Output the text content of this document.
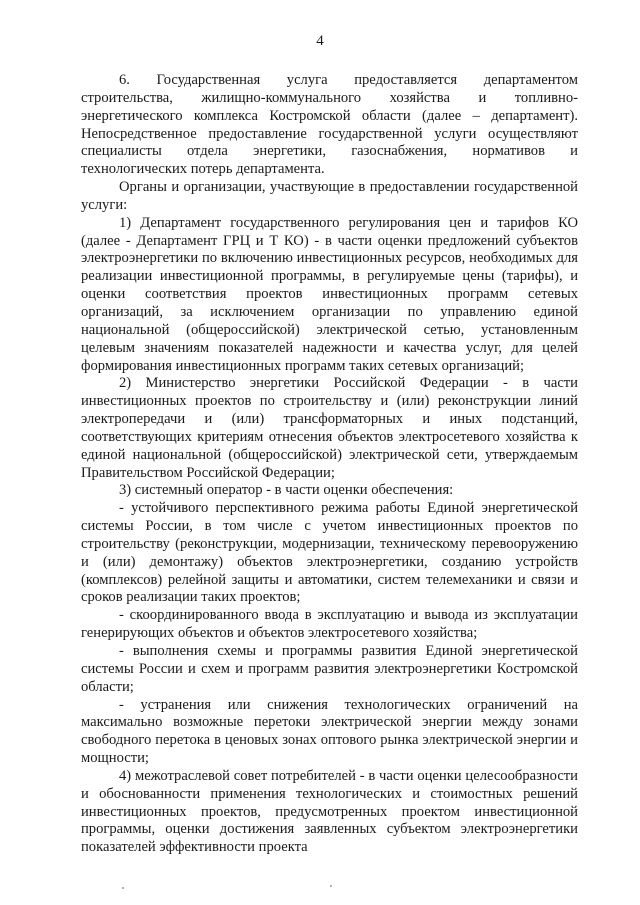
4

6. Государственная услуга предоставляется департаментом строительства, жилищно-коммунального хозяйства и топливно-энергетического комплекса Костромской области (далее – департамент). Непосредственное предоставление государственной услуги осуществляют специалисты отдела энергетики, газоснабжения, нормативов и технологических потерь департамента.

Органы и организации, участвующие в предоставлении государственной услуги:

1) Департамент государственного регулирования цен и тарифов КО (далее - Департамент ГРЦ и Т КО) - в части оценки предложений субъектов электроэнергетики по включению инвестиционных ресурсов, необходимых для реализации инвестиционной программы, в регулируемые цены (тарифы), и оценки соответствия проектов инвестиционных программ сетевых организаций, за исключением организации по управлению единой национальной (общероссийской) электрической сетью, установленным целевым значениям показателей надежности и качества услуг, для целей формирования инвестиционных программ таких сетевых организаций;

2) Министерство энергетики Российской Федерации - в части инвестиционных проектов по строительству и (или) реконструкции линий электропередачи и (или) трансформаторных и иных подстанций, соответствующих критериям отнесения объектов электросетевого хозяйства к единой национальной (общероссийской) электрической сети, утверждаемым Правительством Российской Федерации;

3) системный оператор - в части оценки обеспечения:

- устойчивого перспективного режима работы Единой энергетической системы России, в том числе с учетом инвестиционных проектов по строительству (реконструкции, модернизации, техническому перевооружению и (или) демонтажу) объектов электроэнергетики, созданию устройств (комплексов) релейной защиты и автоматики, систем телемеханики и связи и сроков реализации таких проектов;

- скоординированного ввода в эксплуатацию и вывода из эксплуатации генерирующих объектов и объектов электросетевого хозяйства;

- выполнения схемы и программы развития Единой энергетической системы России и схем и программ развития электроэнергетики Костромской области;

- устранения или снижения технологических ограничений на максимально возможные перетоки электрической энергии между зонами свободного перетока в ценовых зонах оптового рынка электрической энергии и мощности;

4) межотраслевой совет потребителей - в части оценки целесообразности и обоснованности применения технологических и стоимостных решений инвестиционных проектов, предусмотренных проектом инвестиционной программы, оценки достижения заявленных субъектом электроэнергетики показателей эффективности проекта
